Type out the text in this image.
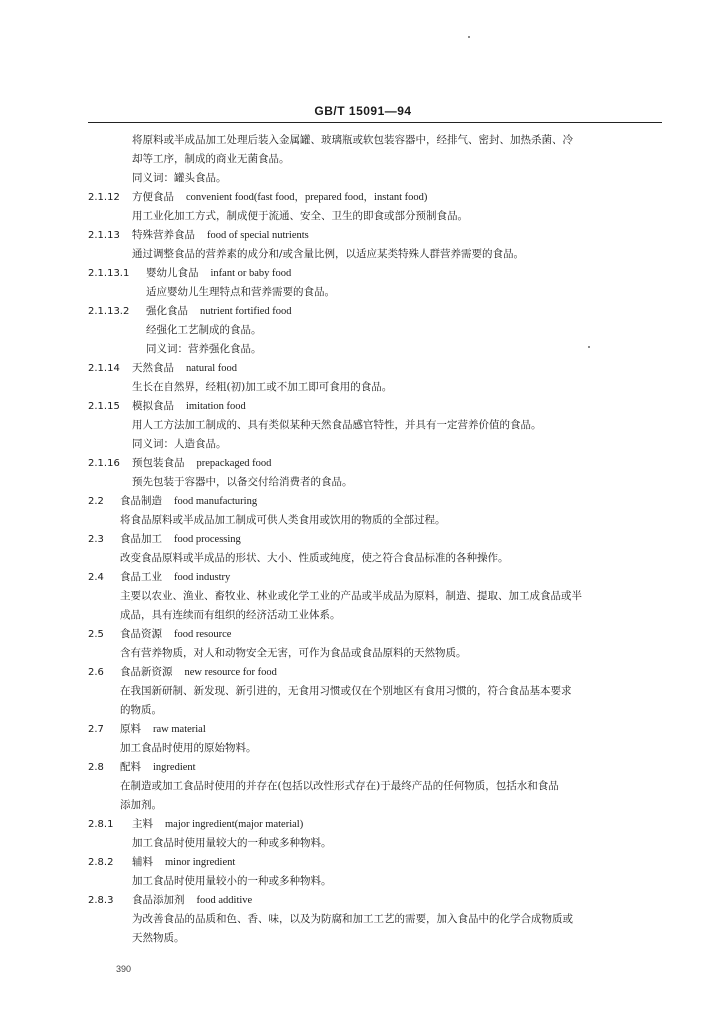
GB/T 15091—94
将原料或半成品加工处理后装入金属罐、玻璃瓶或软包装容器中，经排气、密封、加热杀菌、冷
却等工序，制成的商业无菌食品。
同义词：罐头食品。
2.1.12	方便食品 convenient food(fast food，prepared food，instant food)
用工业化加工方式，制成便于流通、安全、卫生的即食或部分预制食品。
2.1.13	特殊营养食品 food of special nutrients
通过调整食品的营养素的成分和/或含量比例，以适应某类特殊人群营养需要的食品。
2.1.13.1	婴幼儿食品 infant or baby food
适应婴幼儿生理特点和营养需要的食品。
2.1.13.2	强化食品 nutrient fortified food
经强化工艺制成的食品。
同义词：营养强化食品。
2.1.14	天然食品 natural food
生长在自然界，经粗(初)加工或不加工即可食用的食品。
2.1.15	模拟食品 imitation food
用人工方法加工制成的、具有类似某种天然食品感官特性，并具有一定营养价值的食品。
同义词：人造食品。
2.1.16	预包装食品 prepackaged food
预先包装于容器中，以备交付给消费者的食品。
2.2	食品制造 food manufacturing
将食品原料或半成品加工制成可供人类食用或饮用的物质的全部过程。
2.3	食品加工 food processing
改变食品原料或半成品的形状、大小、性质或纯度，使之符合食品标准的各种操作。
2.4	食品工业 food industry
主要以农业、渔业、畜牧业、林业或化学工业的产品或半成品为原料，制造、提取、加工成食品或半
成品，具有连续而有组织的经济活动工业体系。
2.5	食品资源 food resource
含有营养物质，对人和动物安全无害，可作为食品或食品原料的天然物质。
2.6	食品新资源 new resource for food
在我国新研制、新发现、新引进的，无食用习惯或仅在个别地区有食用习惯的，符合食品基本要求
的物质。
2.7	原料 raw material
加工食品时使用的原始物料。
2.8	配料 ingredient
在制造或加工食品时使用的并存在(包括以改性形式存在)于最终产品的任何物质，包括水和食品
添加剂。
2.8.1	主料 major ingredient(major material)
加工食品时使用量较大的一种或多种物料。
2.8.2	辅料 minor ingredient
加工食品时使用量较小的一种或多种物料。
2.8.3	食品添加剂 food additive
为改善食品的品质和色、香、味，以及为防腐和加工工艺的需要，加入食品中的化学合成物质或
天然物质。
390
